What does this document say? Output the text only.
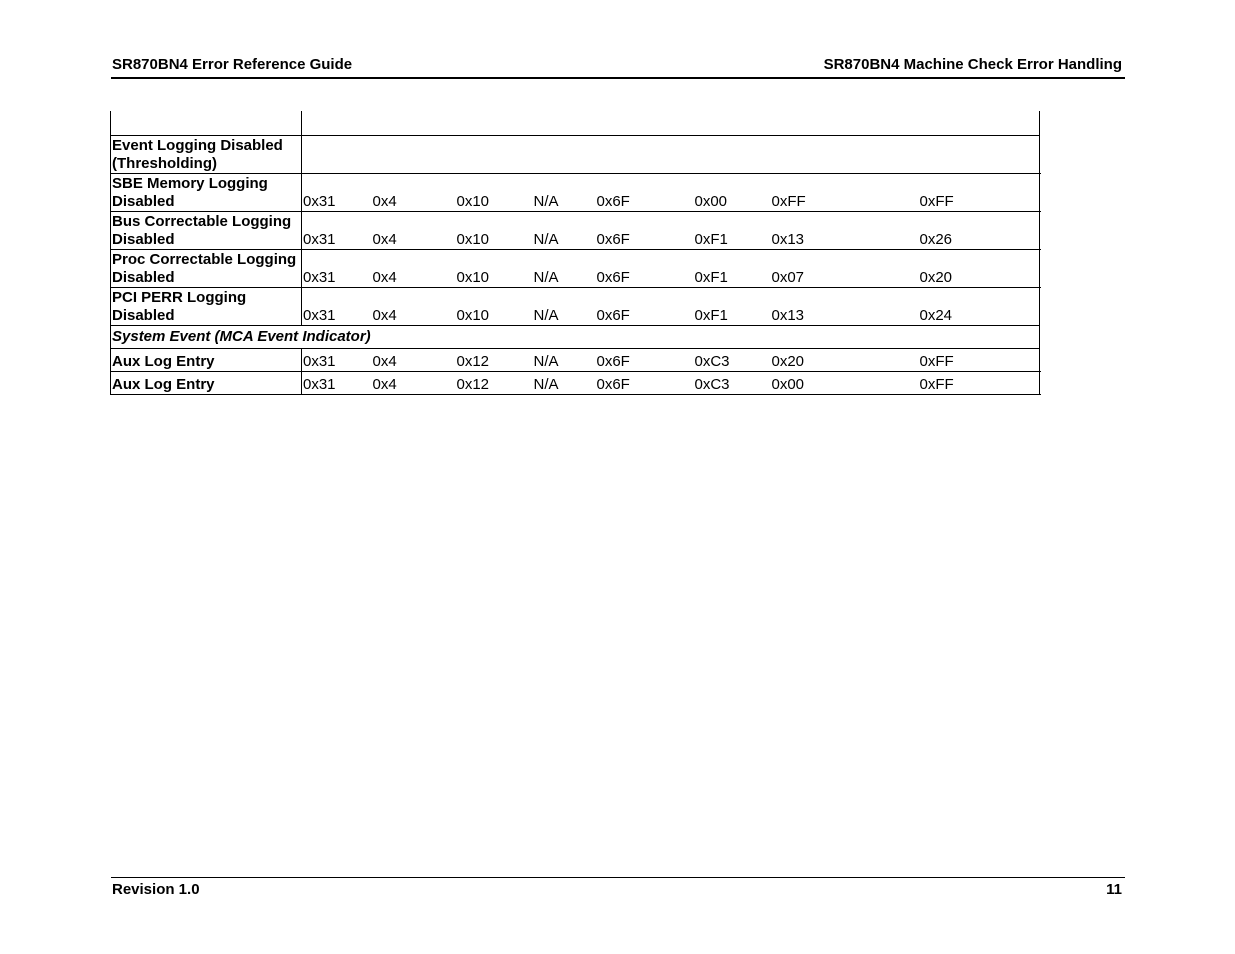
SR870BN4 Error Reference Guide	SR870BN4 Machine Check Error Handling

Event Logging Disabled (Thresholding)									
SBE Memory Logging Disabled	0x31	0x4	0x10	N/A	0x6F	0x00	0xFF	0xFF	
Bus Correctable Logging Disabled	0x31	0x4	0x10	N/A	0x6F	0xF1	0x13	0x26	
Proc Correctable Logging Disabled	0x31	0x4	0x10	N/A	0x6F	0xF1	0x07	0x20	
PCI PERR Logging Disabled	0x31	0x4	0x10	N/A	0x6F	0xF1	0x13	0x24	
System Event (MCA Event Indicator)									
Aux Log Entry	0x31	0x4	0x12	N/A	0x6F	0xC3	0x20	0xFF	
Aux Log Entry	0x31	0x4	0x12	N/A	0x6F	0xC3	0x00	0xFF	
Revision 1.0	11
